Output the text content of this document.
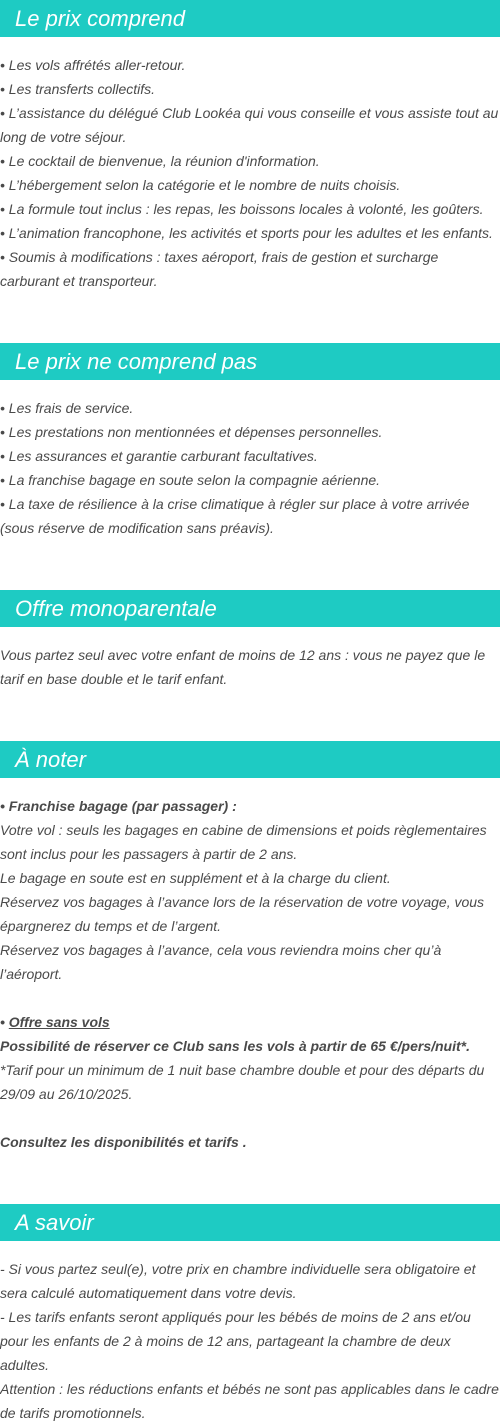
Le prix comprend

• Les vols affrétés aller-retour.

• Les transferts collectifs.

• L’assistance du délégué Club Lookéa qui vous conseille et vous assiste tout au long de votre séjour.

• Le cocktail de bienvenue, la réunion d'information.

• L’hébergement selon la catégorie et le nombre de nuits choisis.

• La formule tout inclus : les repas, les boissons locales à volonté, les goûters.

• L’animation francophone, les activités et sports pour les adultes et les enfants.

• Soumis à modifications : taxes aéroport, frais de gestion et surcharge carburant et transporteur.

Le prix ne comprend pas

• Les frais de service.

• Les prestations non mentionnées et dépenses personnelles.

• Les assurances et garantie carburant facultatives.

• La franchise bagage en soute selon la compagnie aérienne.

• La taxe de résilience à la crise climatique à régler sur place à votre arrivée (sous réserve de modification sans préavis).

Offre monoparentale

Vous partez seul avec votre enfant de moins de 12 ans : vous ne payez que le tarif en base double et le tarif enfant.

À noter

• Franchise bagage (par passager) :

Votre vol : seuls les bagages en cabine de dimensions et poids règlementaires sont inclus pour les passagers à partir de 2 ans.

Le bagage en soute est en supplément et à la charge du client.

Réservez vos bagages à l’avance lors de la réservation de votre voyage, vous épargnerez du temps et de l’argent.

Réservez vos bagages à l’avance, cela vous reviendra moins cher qu’à l’aéroport.

• Offre sans vols

Possibilité de réserver ce Club sans les vols à partir de 65 €/pers/nuit*.

*Tarif pour un minimum de 1 nuit base chambre double et pour des départs du 29/09 au 26/10/2025.

Consultez les disponibilités et tarifs .

A savoir

- Si vous partez seul(e), votre prix en chambre individuelle sera obligatoire et sera calculé automatiquement dans votre devis.

- Les tarifs enfants seront appliqués pour les bébés de moins de 2 ans et/ou pour les enfants de 2 à moins de 12 ans, partageant la chambre de deux adultes.

Attention : les réductions enfants et bébés ne sont pas applicables dans le cadre de tarifs promotionnels.
